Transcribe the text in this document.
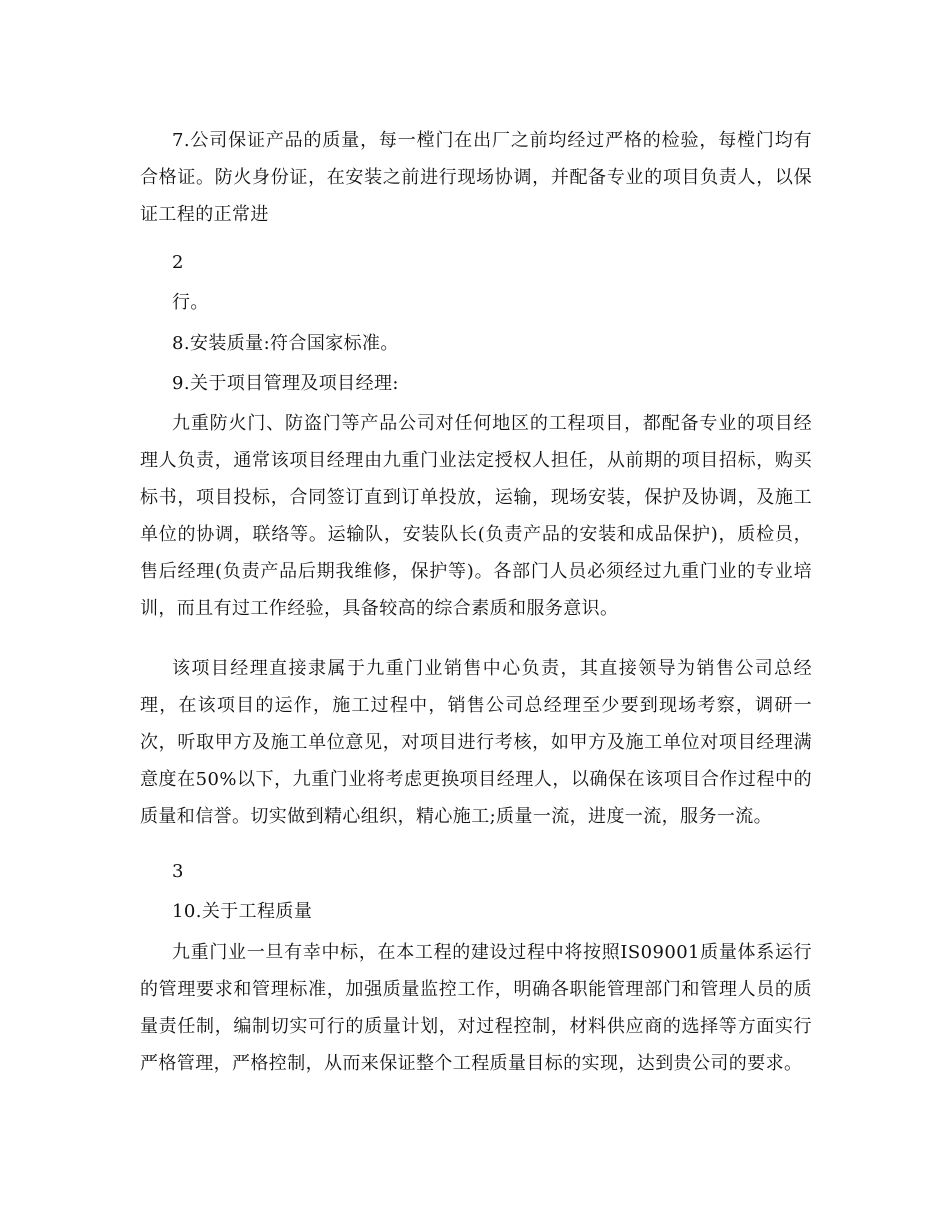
7.公司保证产品的质量，每一樘门在出厂之前均经过严格的检验，每樘门均有合格证。防火身份证，在安装之前进行现场协调，并配备专业的项目负责人，以保证工程的正常进

2

行。

8.安装质量:符合国家标准。

9.关于项目管理及项目经理:

九重防火门、防盗门等产品公司对任何地区的工程项目，都配备专业的项目经理人负责，通常该项目经理由九重门业法定授权人担任，从前期的项目招标，购买标书，项目投标，合同签订直到订单投放，运输，现场安装，保护及协调，及施工单位的协调，联络等。运输队，安装队长(负责产品的安装和成品保护)，质检员，售后经理(负责产品后期我维修，保护等)。各部门人员必须经过九重门业的专业培训，而且有过工作经验，具备较高的综合素质和服务意识。

该项目经理直接隶属于九重门业销售中心负责，其直接领导为销售公司总经理，在该项目的运作，施工过程中，销售公司总经理至少要到现场考察，调研一次，听取甲方及施工单位意见，对项目进行考核，如甲方及施工单位对项目经理满意度在50%以下，九重门业将考虑更换项目经理人，以确保在该项目合作过程中的质量和信誉。切实做到精心组织，精心施工;质量一流，进度一流，服务一流。

3

10.关于工程质量

九重门业一旦有幸中标，在本工程的建设过程中将按照IS09001质量体系运行的管理要求和管理标准，加强质量监控工作，明确各职能管理部门和管理人员的质量责任制，编制切实可行的质量计划，对过程控制，材料供应商的选择等方面实行严格管理，严格控制，从而来保证整个工程质量目标的实现，达到贵公司的要求。
